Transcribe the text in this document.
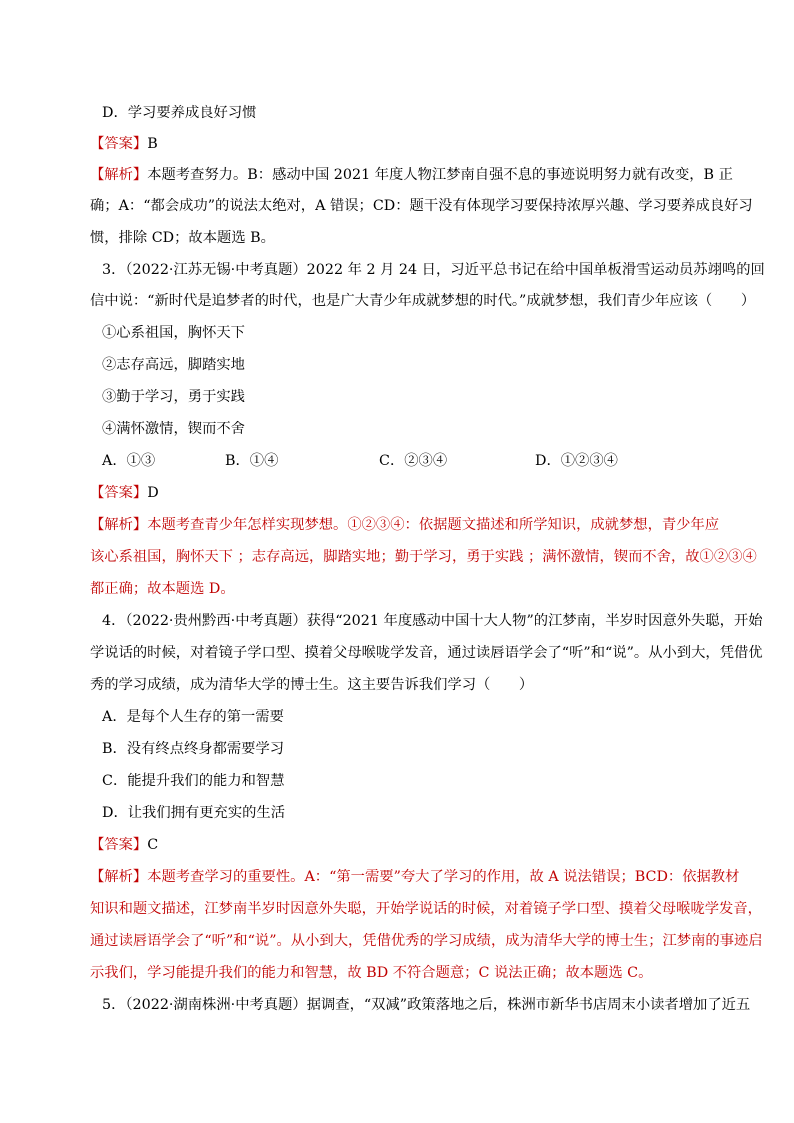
D．学习要养成良好习惯
【答案】B
【解析】本题考查努力。B：感动中国 2021 年度人物江梦南自强不息的事迹说明努力就有改变，B 正
确；A：“都会成功”的说法太绝对，A 错误；CD：题干没有体现学习要保持浓厚兴趣、学习要养成良好习
惯，排除 CD；故本题选 B。
3．（2022·江苏无锡·中考真题）2022 年 2 月 24 日，习近平总书记在给中国单板滑雪运动员苏翊鸣的回
信中说：“新时代是追梦者的时代，也是广大青少年成就梦想的时代。”成就梦想，我们青少年应该（　　）
①心系祖国，胸怀天下
②志存高远，脚踏实地
③勤于学习，勇于实践
④满怀激情，锲而不舍
A．①③	B．①④	C．②③④	D．①②③④
【答案】D
【解析】本题考查青少年怎样实现梦想。①②③④：依据题文描述和所学知识，成就梦想，青少年应
该心系祖国，胸怀天下 ；志存高远，脚踏实地；勤于学习，勇于实践 ；满怀激情，锲而不舍，故①②③④
都正确；故本题选 D。
4．（2022·贵州黔西·中考真题）获得“2021 年度感动中国十大人物”的江梦南，半岁时因意外失聪，开始
学说话的时候，对着镜子学口型、摸着父母喉咙学发音，通过读唇语学会了“听”和“说”。从小到大，凭借优
秀的学习成绩，成为清华大学的博士生。这主要告诉我们学习（　　）
A．是每个人生存的第一需要
B．没有终点终身都需要学习
C．能提升我们的能力和智慧
D．让我们拥有更充实的生活
【答案】C
【解析】本题考查学习的重要性。A：“第一需要”夸大了学习的作用，故 A 说法错误；BCD：依据教材
知识和题文描述，江梦南半岁时因意外失聪，开始学说话的时候，对着镜子学口型、摸着父母喉咙学发音，
通过读唇语学会了“听”和“说”。从小到大，凭借优秀的学习成绩，成为清华大学的博士生；江梦南的事迹启
示我们，学习能提升我们的能力和智慧，故 BD 不符合题意；C 说法正确；故本题选 C。
5．（2022·湖南株洲·中考真题）据调查，“双减”政策落地之后，株洲市新华书店周末小读者增加了近五
